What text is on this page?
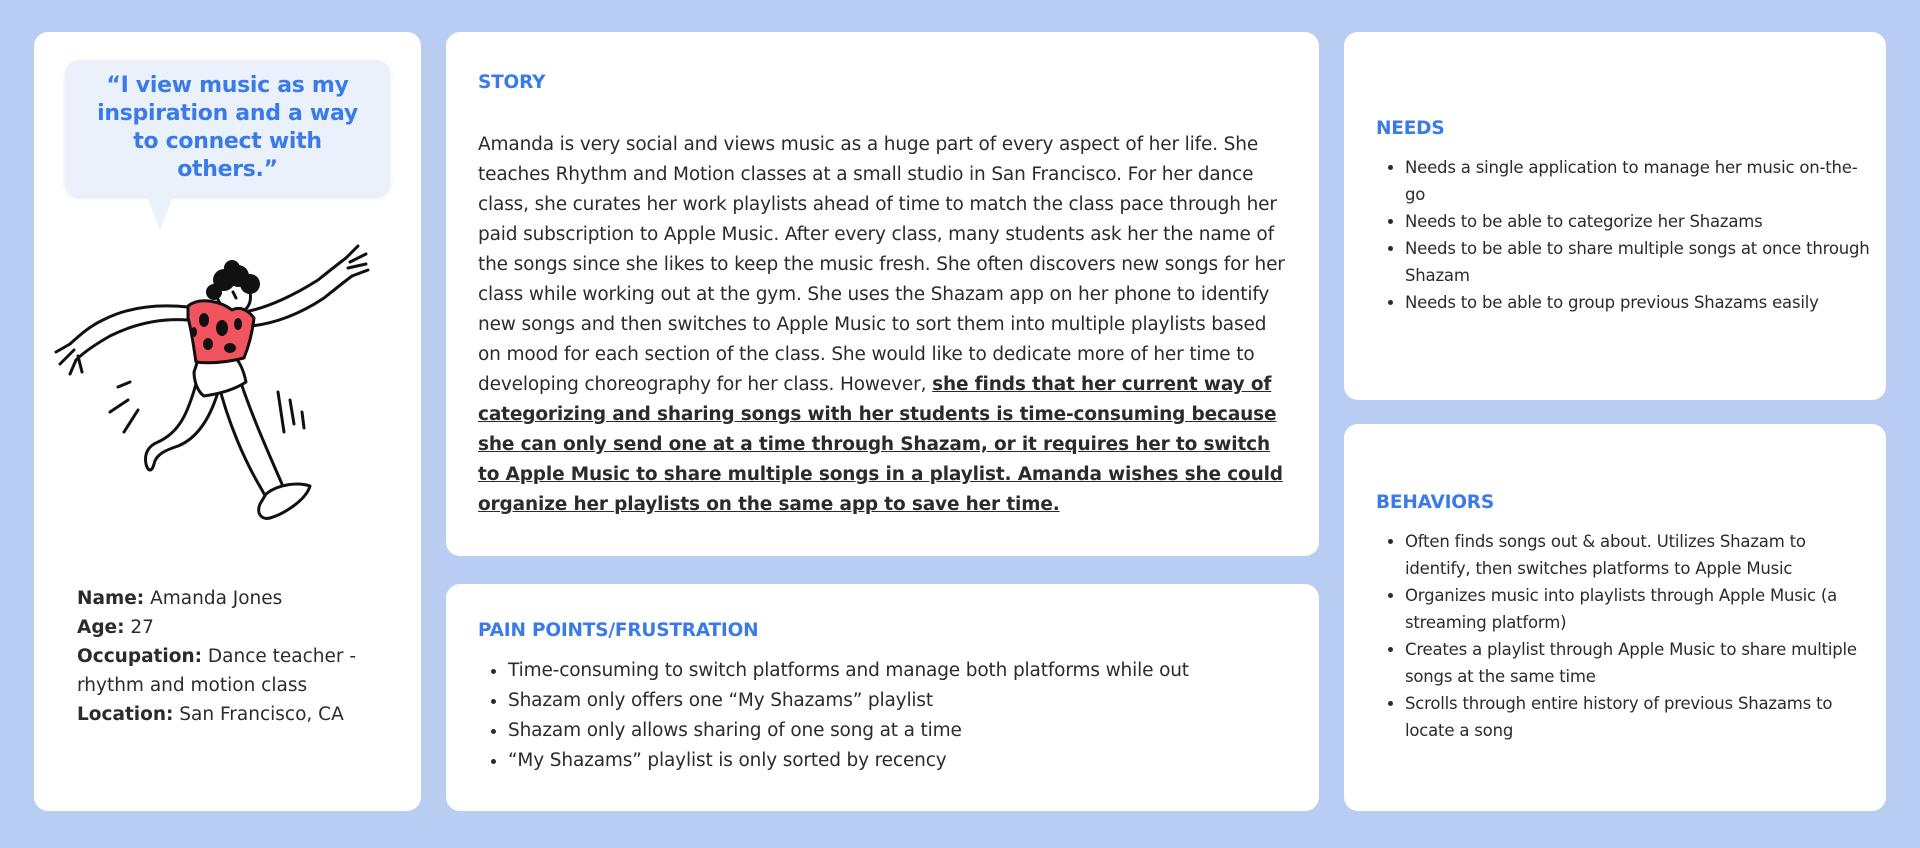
“I view music as my inspiration and a way to connect with others.”

Name: Amanda Jones

Age: 27

Occupation: Dance teacher - rhythm and motion class

Location: San Francisco, CA

STORY
Amanda is very social and views music as a huge part of every aspect of her life. She teaches Rhythm and Motion classes at a small studio in San Francisco. For her dance class, she curates her work playlists ahead of time to match the class pace through her paid subscription to Apple Music. After every class, many students ask her the name of the songs since she likes to keep the music fresh. She often discovers new songs for her class while working out at the gym. She uses the Shazam app on her phone to identify new songs and then switches to Apple Music to sort them into multiple playlists based on mood for each section of the class. She would like to dedicate more of her time to developing choreography for her class. However, she finds that her current way of categorizing and sharing songs with her students is time-consuming because she can only send one at a time through Shazam, or it requires her to switch to Apple Music to share multiple songs in a playlist. Amanda wishes she could organize her playlists on the same app to save her time.
PAIN POINTS/FRUSTRATION
• Time-consuming to switch platforms and manage both platforms while out
• Shazam only offers one “My Shazams” playlist
• Shazam only allows sharing of one song at a time
• “My Shazams” playlist is only sorted by recency
NEEDS
• Needs a single application to manage her music on-the-go
• Needs to be able to categorize her Shazams
• Needs to be able to share multiple songs at once through Shazam
• Needs to be able to group previous Shazams easily
BEHAVIORS
• Often finds songs out & about. Utilizes Shazam to identify, then switches platforms to Apple Music
• Organizes music into playlists through Apple Music (a streaming platform)
• Creates a playlist through Apple Music to share multiple songs at the same time
• Scrolls through entire history of previous Shazams to locate a song
